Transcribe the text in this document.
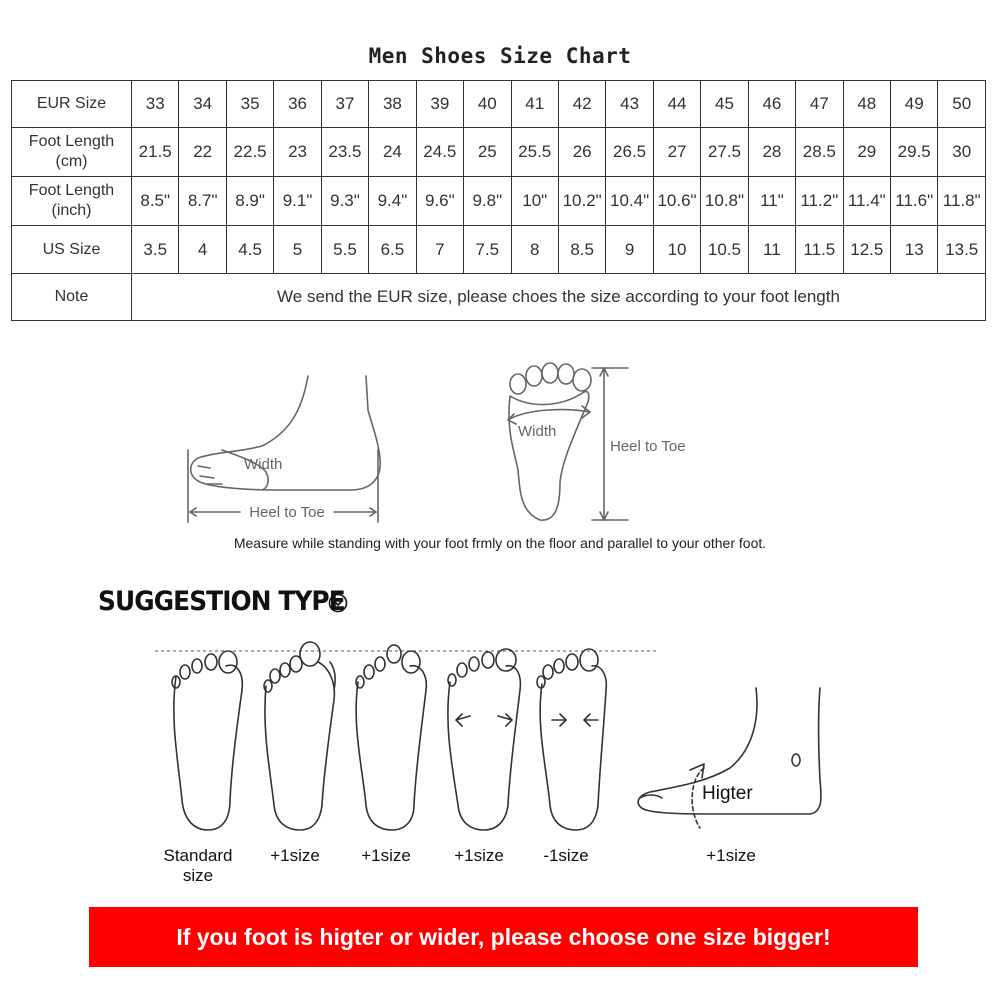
Men Shoes Size Chart
EUR Size	33	34	35	36	37	38	39	40	41	42	43	44	45	46	47	48	49	50
Foot Length
(cm)	21.5	22	22.5	23	23.5	24	24.5	25	25.5	26	26.5	27	27.5	28	28.5	29	29.5	30
Foot Length
(inch)	8.5"	8.7"	8.9"	9.1"	9.3"	9.4"	9.6"	9.8"	10"	10.2"	10.4"	10.6"	10.8"	11"	11.2"	11.4"	11.6"	11.8"
US Size	3.5	4	4.5	5	5.5	6.5	7	7.5	8	8.5	9	10	10.5	11	11.5	12.5	13	13.5
Note	We send the EUR size, please choes the size according to your foot length																	
Width
Heel to Toe
Width
Heel to Toe
Higter
Measure while standing with your foot frmly on the floor and parallel to your other foot.
SUGGESTION TYPE
Standard
size
+1size	+1size	+1size	-1size	+1size
If you foot is higter or wider, please choose one size bigger!
